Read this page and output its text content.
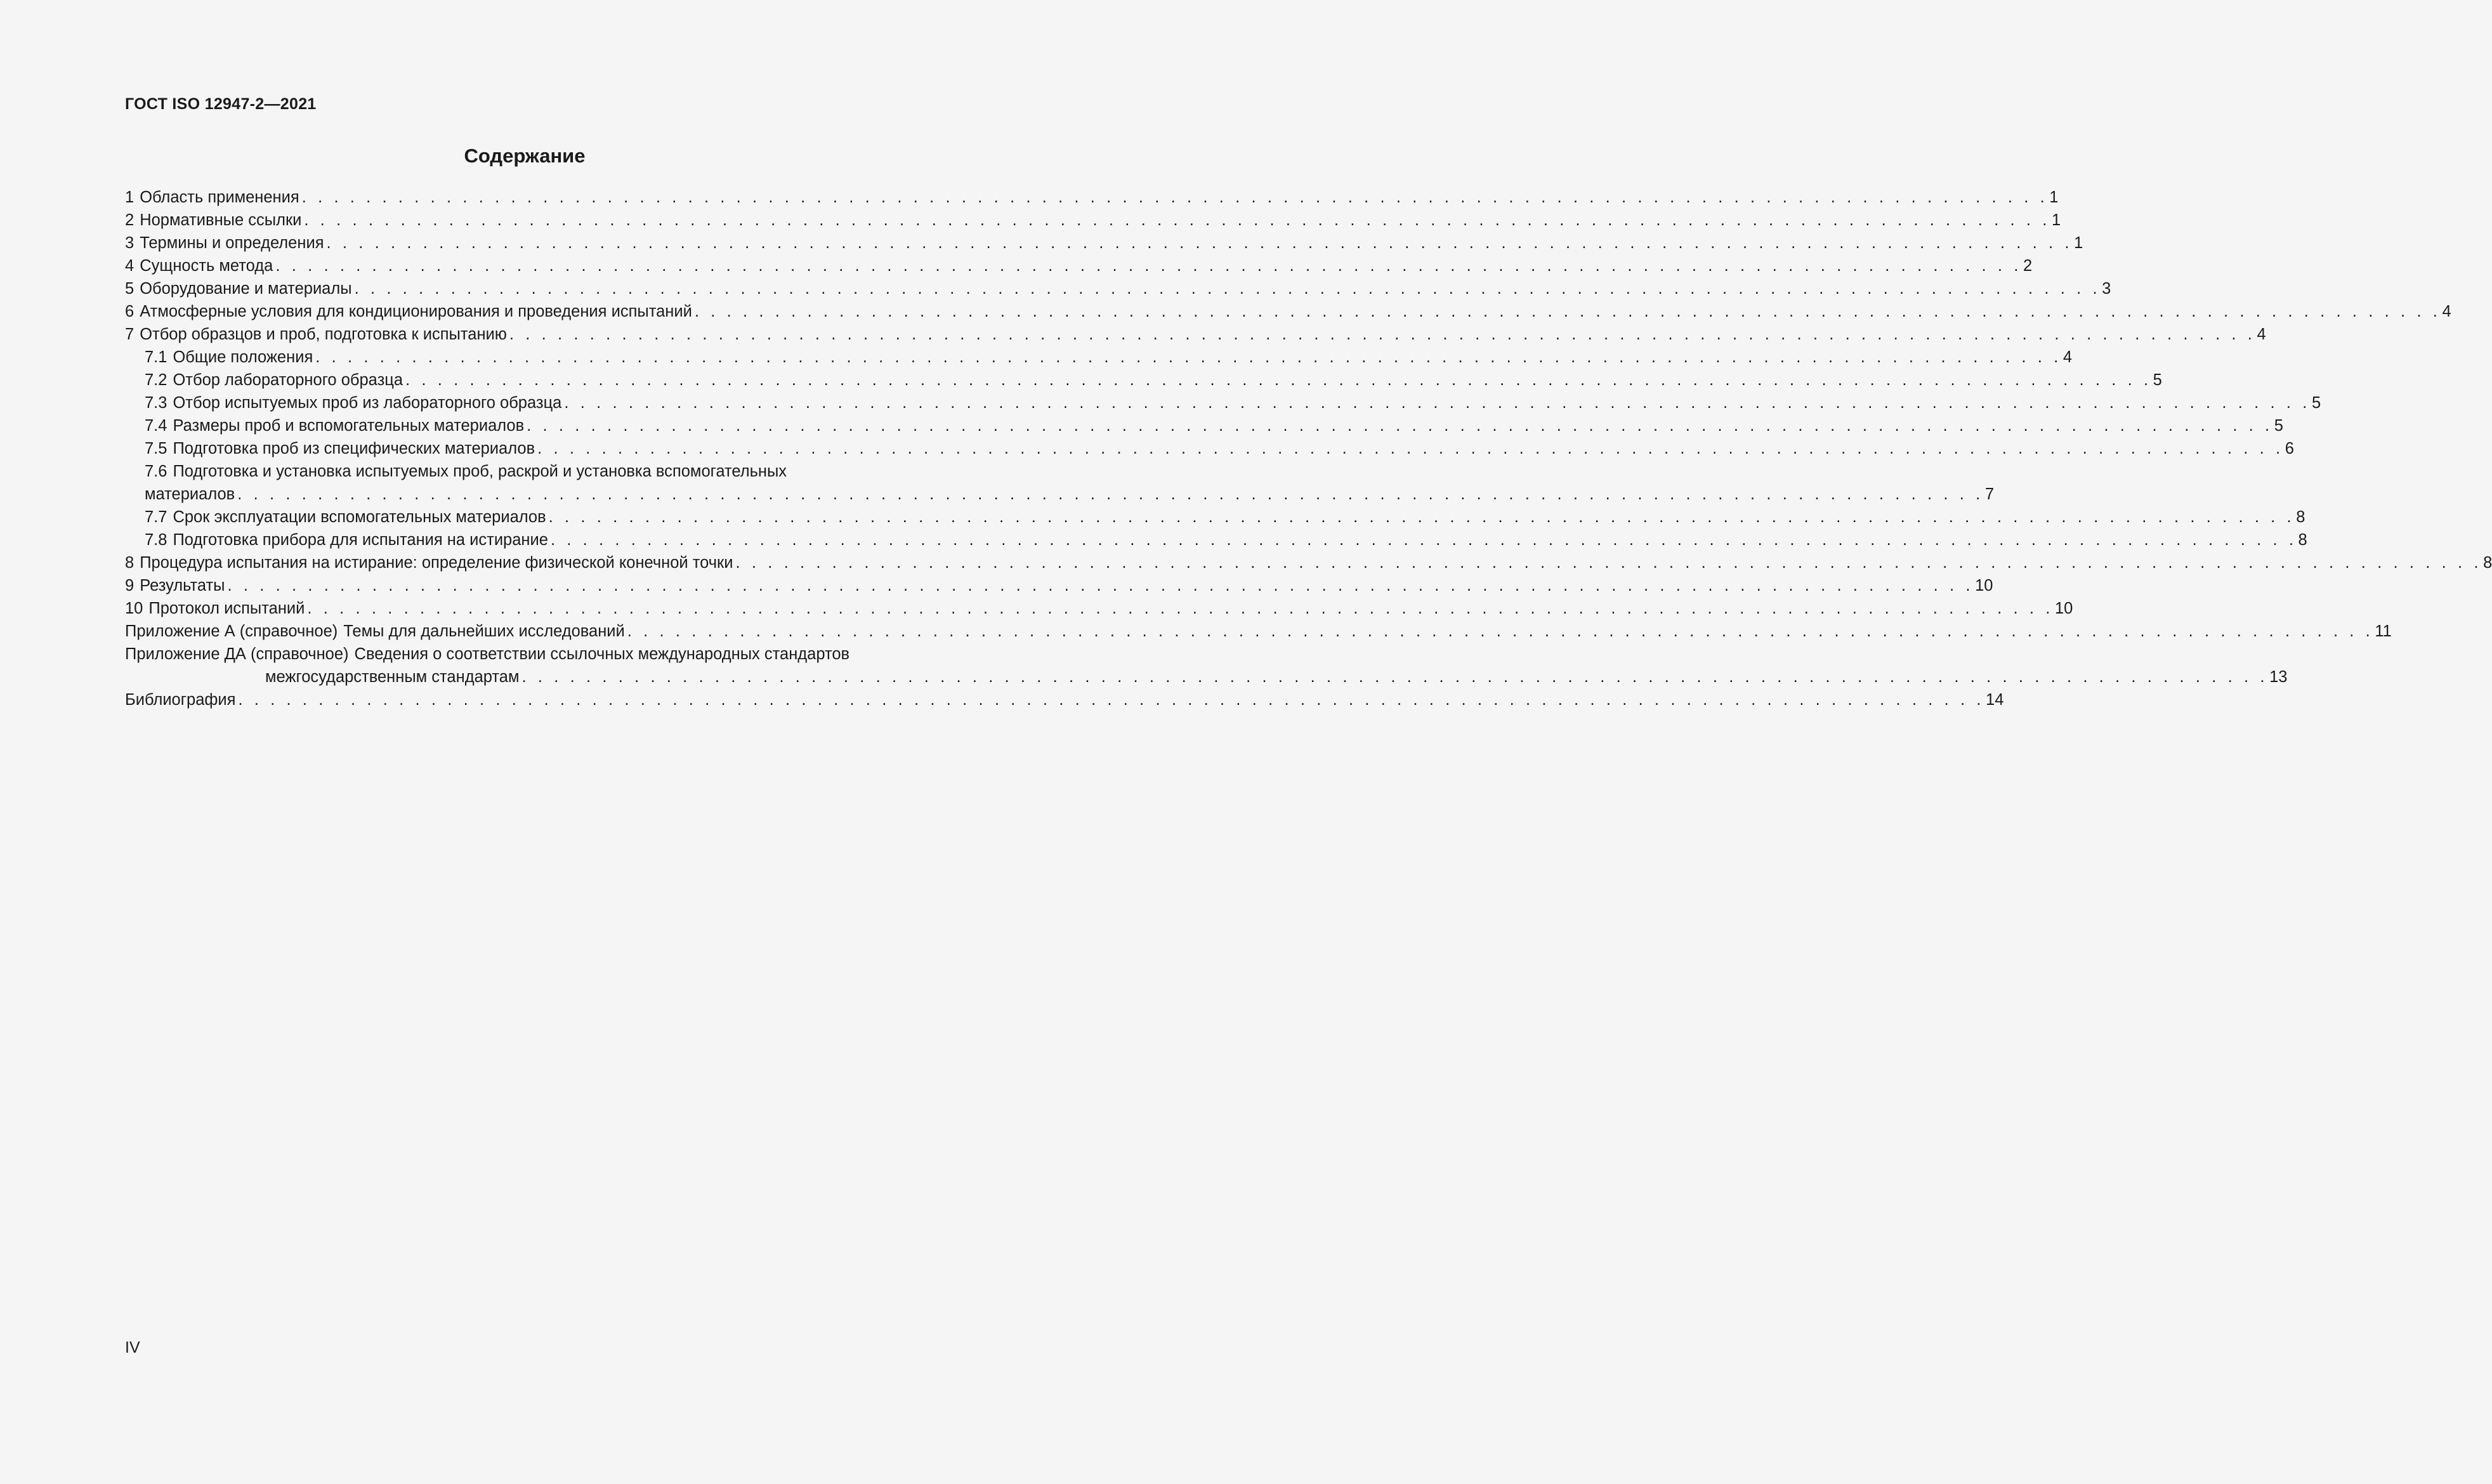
ГОСТ ISO 12947-2—2021
Содержание
1 Область применения . . . . . . . . . . . . . . . . . . . . . . . . . . . . . . . . . . . . . . . . . . . . . . . . . . . . . . . . . . . . . . . . . . . . . . . . . . . . . . . . . . . . . . . . . . . . . . . . . . . . . . . . . . . . . 1
2 Нормативные ссылки . . . . . . . . . . . . . . . . . . . . . . . . . . . . . . . . . . . . . . . . . . . . . . . . . . . . . . . . . . . . . . . . . . . . . . . . . . . . . . . . . . . . . . . . . . . . . . . . . . . . . . . . . . . . . 1
3 Термины и определения . . . . . . . . . . . . . . . . . . . . . . . . . . . . . . . . . . . . . . . . . . . . . . . . . . . . . . . . . . . . . . . . . . . . . . . . . . . . . . . . . . . . . . . . . . . . . . . . . . . . . . . . . . . . . 1
4 Сущность метода . . . . . . . . . . . . . . . . . . . . . . . . . . . . . . . . . . . . . . . . . . . . . . . . . . . . . . . . . . . . . . . . . . . . . . . . . . . . . . . . . . . . . . . . . . . . . . . . . . . . . . . . . . . . . 2
5 Оборудование и материалы . . . . . . . . . . . . . . . . . . . . . . . . . . . . . . . . . . . . . . . . . . . . . . . . . . . . . . . . . . . . . . . . . . . . . . . . . . . . . . . . . . . . . . . . . . . . . . . . . . . . . . . . . . . . . 3
6 Атмосферные условия для кондиционирования и проведения испытаний . . . . . . . . . . . . . . . . . . . . . . . . . . . . . . . . . . . . . . . . . . . . . . . . . . . . . . . . . . . . . . . . . . . . . . . . . . . . . . . . . . . . . . . . . . . . . . . . . . . . . . . . . . . . . 4
7 Отбор образцов и проб, подготовка к испытанию . . . . . . . . . . . . . . . . . . . . . . . . . . . . . . . . . . . . . . . . . . . . . . . . . . . . . . . . . . . . . . . . . . . . . . . . . . . . . . . . . . . . . . . . . . . . . . . . . . . . . . . . . . . . . 4
7.1 Общие положения . . . . . . . . . . . . . . . . . . . . . . . . . . . . . . . . . . . . . . . . . . . . . . . . . . . . . . . . . . . . . . . . . . . . . . . . . . . . . . . . . . . . . . . . . . . . . . . . . . . . . . . . . . . . . 4
7.2 Отбор лабораторного образца . . . . . . . . . . . . . . . . . . . . . . . . . . . . . . . . . . . . . . . . . . . . . . . . . . . . . . . . . . . . . . . . . . . . . . . . . . . . . . . . . . . . . . . . . . . . . . . . . . . . . . . . . . . . . 5
7.3 Отбор испытуемых проб из лабораторного образца . . . . . . . . . . . . . . . . . . . . . . . . . . . . . . . . . . . . . . . . . . . . . . . . . . . . . . . . . . . . . . . . . . . . . . . . . . . . . . . . . . . . . . . . . . . . . . . . . . . . . . . . . . . . . 5
7.4 Размеры проб и вспомогательных материалов . . . . . . . . . . . . . . . . . . . . . . . . . . . . . . . . . . . . . . . . . . . . . . . . . . . . . . . . . . . . . . . . . . . . . . . . . . . . . . . . . . . . . . . . . . . . . . . . . . . . . . . . . . . . . 5
7.5 Подготовка проб из специфических материалов . . . . . . . . . . . . . . . . . . . . . . . . . . . . . . . . . . . . . . . . . . . . . . . . . . . . . . . . . . . . . . . . . . . . . . . . . . . . . . . . . . . . . . . . . . . . . . . . . . . . . . . . . . . . . 6
7.6 Подготовка и установка испытуемых проб, раскрой и установка вспомогательных
материалов . . . . . . . . . . . . . . . . . . . . . . . . . . . . . . . . . . . . . . . . . . . . . . . . . . . . . . . . . . . . . . . . . . . . . . . . . . . . . . . . . . . . . . . . . . . . . . . . . . . . . . . . . . . . . 7
7.7 Срок эксплуатации вспомогательных материалов . . . . . . . . . . . . . . . . . . . . . . . . . . . . . . . . . . . . . . . . . . . . . . . . . . . . . . . . . . . . . . . . . . . . . . . . . . . . . . . . . . . . . . . . . . . . . . . . . . . . . . . . . . . . . 8
7.8 Подготовка прибора для испытания на истирание . . . . . . . . . . . . . . . . . . . . . . . . . . . . . . . . . . . . . . . . . . . . . . . . . . . . . . . . . . . . . . . . . . . . . . . . . . . . . . . . . . . . . . . . . . . . . . . . . . . . . . . . . . . . . 8
8 Процедура испытания на истирание: определение физической конечной точки . . . . . . . . . . . . . . . . . . . . . . . . . . . . . . . . . . . . . . . . . . . . . . . . . . . . . . . . . . . . . . . . . . . . . . . . . . . . . . . . . . . . . . . . . . . . . . . . . . . . . . . . . . . . . 8
9 Результаты . . . . . . . . . . . . . . . . . . . . . . . . . . . . . . . . . . . . . . . . . . . . . . . . . . . . . . . . . . . . . . . . . . . . . . . . . . . . . . . . . . . . . . . . . . . . . . . . . . . . . . . . . . . . . 10
10 Протокол испытаний . . . . . . . . . . . . . . . . . . . . . . . . . . . . . . . . . . . . . . . . . . . . . . . . . . . . . . . . . . . . . . . . . . . . . . . . . . . . . . . . . . . . . . . . . . . . . . . . . . . . . . . . . . . . . 10
Приложение А (справочное) Темы для дальнейших исследований . . . . . . . . . . . . . . . . . . . . . . . . . . . . . . . . . . . . . . . . . . . . . . . . . . . . . . . . . . . . . . . . . . . . . . . . . . . . . . . . . . . . . . . . . . . . . . . . . . . . . . . . . . . . . 11
Приложение ДА (справочное) Сведения о соответствии ссылочных международных стандартов
межгосударственным стандартам . . . . . . . . . . . . . . . . . . . . . . . . . . . . . . . . . . . . . . . . . . . . . . . . . . . . . . . . . . . . . . . . . . . . . . . . . . . . . . . . . . . . . . . . . . . . . . . . . . . . . . . . . . . . . 13
Библиография . . . . . . . . . . . . . . . . . . . . . . . . . . . . . . . . . . . . . . . . . . . . . . . . . . . . . . . . . . . . . . . . . . . . . . . . . . . . . . . . . . . . . . . . . . . . . . . . . . . . . . . . . . . . . 14
IV
